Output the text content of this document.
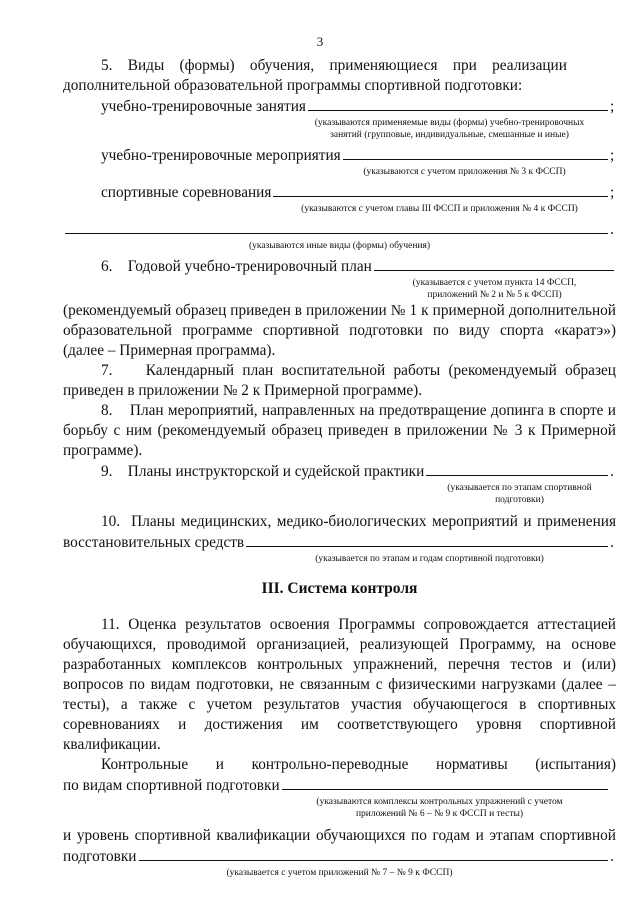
3

5.    Виды    (формы)    обучения,    применяющиеся    при    реализации

дополнительной образовательной программы спортивной подготовки:

учебно-тренировочные занятия	;
(указываются применяемые виды (формы) учебно-тренировочных занятий (групповые, индивидуальные, смешанные и иные)
учебно-тренировочные мероприятия	;
(указываются с учетом приложения № 3 к ФССП)
спортивные соревнования	;
(указываются с учетом главы III ФССП и приложения № 4 к ФССП)
.
(указываются иные виды (формы) обучения)
6.    Годовой учебно-тренировочный план
(указывается с учетом пункта 14 ФССП, приложений № 2 и № 5 к ФССП)

(рекомендуемый образец приведен в приложении № 1 к примерной дополнительной образовательной программе спортивной подготовки по виду спорта «каратэ») (далее – Примерная программа).

7.    Календарный план воспитательной работы (рекомендуемый образец приведен в приложении № 2 к Примерной программе).

8.    План мероприятий, направленных на предотвращение допинга в спорте и борьбу с ним (рекомендуемый образец приведен в приложении № 3 к Примерной программе).

9.    Планы инструкторской и судейской практики	.
(указывается по этапам спортивной подготовки)

10.  Планы медицинских, медико-биологических мероприятий и применения

восстановительных средств	.
(указывается по этапам и годам спортивной подготовки)
III. Система контроля

11. Оценка результатов освоения Программы сопровождается аттестацией обучающихся, проводимой организацией, реализующей Программу, на основе разработанных комплексов контрольных упражнений, перечня тестов и (или) вопросов по видам подготовки, не связанным с физическими нагрузками (далее – тесты), а также с учетом результатов участия обучающегося в спортивных соревнованиях и достижения им соответствующего уровня спортивной квалификации.

Контрольные     и     контрольно-переводные     нормативы     (испытания)

по видам спортивной подготовки
(указываются комплексы контрольных упражнений с учетом приложений № 6 – № 9 к ФССП и тесты)

и уровень спортивной квалификации обучающихся по годам и этапам спортивной

подготовки	.
(указывается с учетом приложений № 7 – № 9 к ФССП)
